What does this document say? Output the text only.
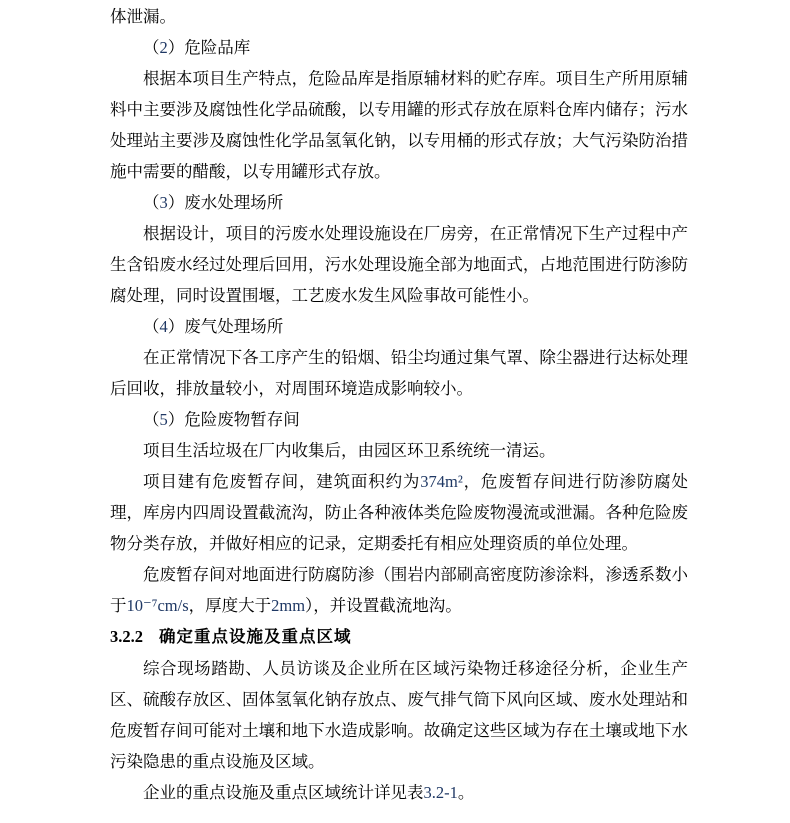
体泄漏。
（2）危险品库
根据本项目生产特点，危险品库是指原辅材料的贮存库。项目生产所用原辅料中主要涉及腐蚀性化学品硫酸，以专用罐的形式存放在原料仓库内储存；污水处理站主要涉及腐蚀性化学品氢氧化钠，以专用桶的形式存放；大气污染防治措施中需要的醋酸，以专用罐形式存放。
（3）废水处理场所
根据设计，项目的污废水处理设施设在厂房旁，在正常情况下生产过程中产生含铅废水经过处理后回用，污水处理设施全部为地面式，占地范围进行防渗防腐处理，同时设置围堰，工艺废水发生风险事故可能性小。
（4）废气处理场所
在正常情况下各工序产生的铅烟、铅尘均通过集气罩、除尘器进行达标处理后回收，排放量较小，对周围环境造成影响较小。
（5）危险废物暂存间
项目生活垃圾在厂内收集后，由园区环卫系统统一清运。
项目建有危废暂存间，建筑面积约为374m²，危废暂存间进行防渗防腐处理，库房内四周设置截流沟，防止各种液体类危险废物漫流或泄漏。各种危险废物分类存放，并做好相应的记录，定期委托有相应处理资质的单位处理。
危废暂存间对地面进行防腐防渗（围岩内部刷高密度防渗涂料，渗透系数小于10⁻⁷cm/s，厚度大于2mm），并设置截流地沟。
3.2.2 确定重点设施及重点区域
综合现场踏勘、人员访谈及企业所在区域污染物迁移途径分析，企业生产区、硫酸存放区、固体氢氧化钠存放点、废气排气筒下风向区域、废水处理站和危废暂存间可能对土壤和地下水造成影响。故确定这些区域为存在土壤或地下水污染隐患的重点设施及区域。
企业的重点设施及重点区域统计详见表3.2-1。
